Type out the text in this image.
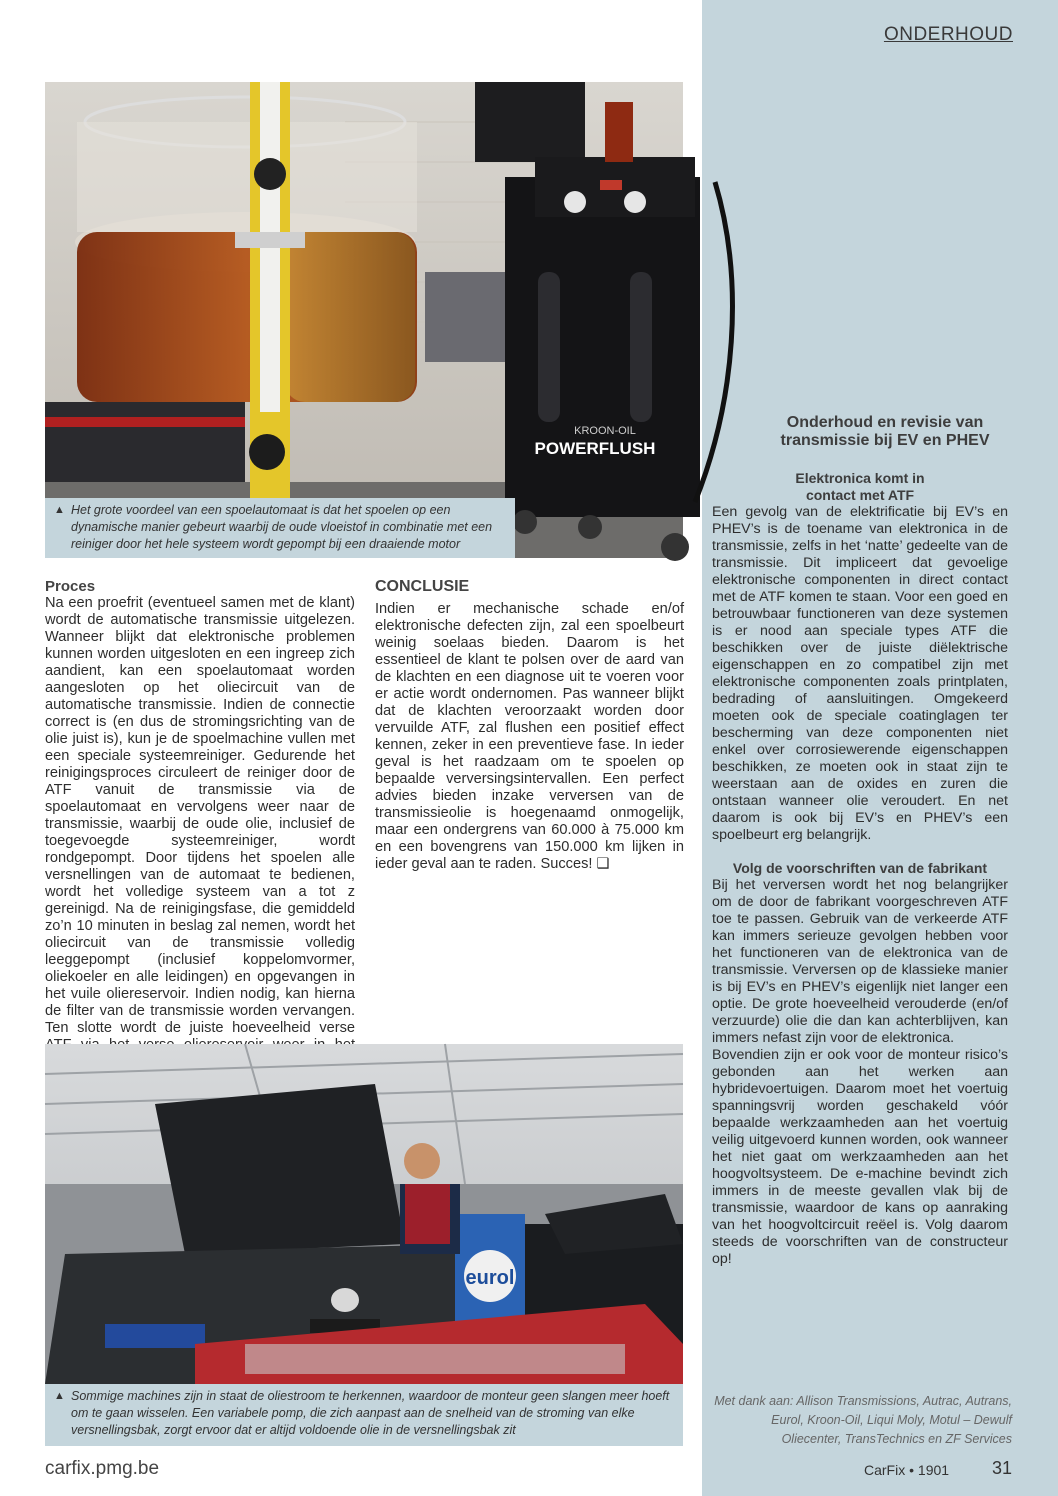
ONDERHOUD
KROON-OIL
POWERFLUSH
▲ Het grote voordeel van een spoelautomaat is dat het spoelen op een dynamische manier gebeurt waarbij de oude vloeistof in combinatie met een reiniger door het hele systeem wordt gepompt bij een draaiende motor

Proces

Na een proefrit (eventueel samen met de klant) wordt de automatische transmissie uitgelezen. Wanneer blijkt dat elektronische problemen kunnen worden uitgesloten en een ingreep zich aandient, kan een spoelautomaat worden aangesloten op het oliecircuit van de automatische transmissie. Indien de connectie correct is (en dus de stromingsrichting van de olie juist is), kun je de spoelmachine vullen met een speciale systeemreiniger. Gedurende het reinigingsproces circuleert de reiniger door de ATF vanuit de transmissie via de spoelautomaat en vervolgens weer naar de transmissie, waarbij de oude olie, inclusief de toegevoegde systeemreiniger, wordt rondgepompt. Door tijdens het spoelen alle versnellingen van de automaat te bedienen, wordt het volledige systeem van a tot z gereinigd. Na de reinigingsfase, die gemiddeld zo’n 10 minuten in beslag zal nemen, wordt het oliecircuit van de transmissie volledig leeggepompt (inclusief koppelomvormer, oliekoeler en alle leidingen) en opgevangen in het vuile oliereservoir. Indien nodig, kan hierna de filter van de transmissie worden vervangen. Ten slotte wordt de juiste hoeveelheid verse

CONCLUSIE

Indien er mechanische schade en/of elektronische defecten zijn, zal een spoelbeurt weinig soelaas bieden. Daarom is het essentieel de klant te polsen over de aard van de klachten en een diagnose uit te voeren voor er actie wordt ondernomen. Pas wanneer blijkt dat de klachten veroorzaakt worden door vervuilde ATF, zal flushen een positief effect kennen, zeker in een preventieve fase. In ieder geval is het raadzaam om te spoelen op bepaalde verversingsintervallen. Een perfect advies bieden inzake verversen van de transmissieolie is hoegenaamd onmogelijk, maar een ondergrens van 60.000 à 75.000 km en een bovengrens van 150.000 km lijken in ieder geval aan te raden. Succes! ❑

eurol
▲ Sommige machines zijn in staat de oliestroom te herkennen, waardoor de monteur geen slangen meer hoeft om te gaan wisselen. Een variabele pomp, die zich aanpast aan de snelheid van de stroming van elke versnellingsbak, zorgt ervoor dat er altijd voldoende olie in de versnellingsbak zit
Onderhoud en revisie van transmissie bij EV en PHEV

Elektronica komt in contact met ATF

Een gevolg van de elektrificatie bij EV’s en PHEV’s is de toename van elektronica in de transmissie, zelfs in het ‘natte’ gedeelte van de transmissie. Dit impliceert dat gevoelige elektronische componenten in direct contact met de ATF komen te staan. Voor een goed en betrouwbaar functioneren van deze systemen is er nood aan speciale types ATF die beschikken over de juiste diëlektrische eigenschappen en zo compatibel zijn met elektronische componenten zoals printplaten, bedrading of aansluitingen. Omgekeerd moeten ook de speciale coatinglagen ter bescherming van deze componenten niet enkel over corrosiewerende eigenschappen beschikken, ze moeten ook in staat zijn te weerstaan aan de oxides en zuren die ontstaan wanneer olie veroudert. En net daarom is ook bij EV’s en PHEV’s een spoelbeurt erg belangrijk.

Volg de voorschriften van de fabrikant

Bij het verversen wordt het nog belangrijker om de door de fabrikant voorgeschreven ATF toe te passen. Gebruik van de verkeerde ATF kan immers serieuze gevolgen hebben voor het functioneren van de elektronica van de transmissie. Verversen op de klassieke manier is bij EV’s en PHEV’s eigenlijk niet langer een optie. De grote hoeveelheid verouderde (en/of verzuurde) olie die dan kan achterblijven, kan immers nefast zijn voor de elektronica.

Bovendien zijn er ook voor de monteur risico’s gebonden aan het werken aan hybridevoertuigen. Daarom moet het voertuig spanningsvrij worden geschakeld vóór bepaalde werkzaamheden aan het voertuig veilig uitgevoerd kunnen worden, ook wanneer het niet gaat om werkzaamheden aan het hoogvoltsysteem. De e-machine bevindt zich immers in de meeste gevallen vlak bij de transmissie, waardoor de kans op aanraking van het hoogvoltcircuit reëel is. Volg daarom steeds de voorschriften van de constructeur op!

Met dank aan: Allison Transmissions, Autrac, Autrans, Eurol, Kroon-Oil, Liqui Moly, Motul – Dewulf Oliecenter, TransTechnics en ZF Services
carfix.pmg.be	CarFix • 1901 31
